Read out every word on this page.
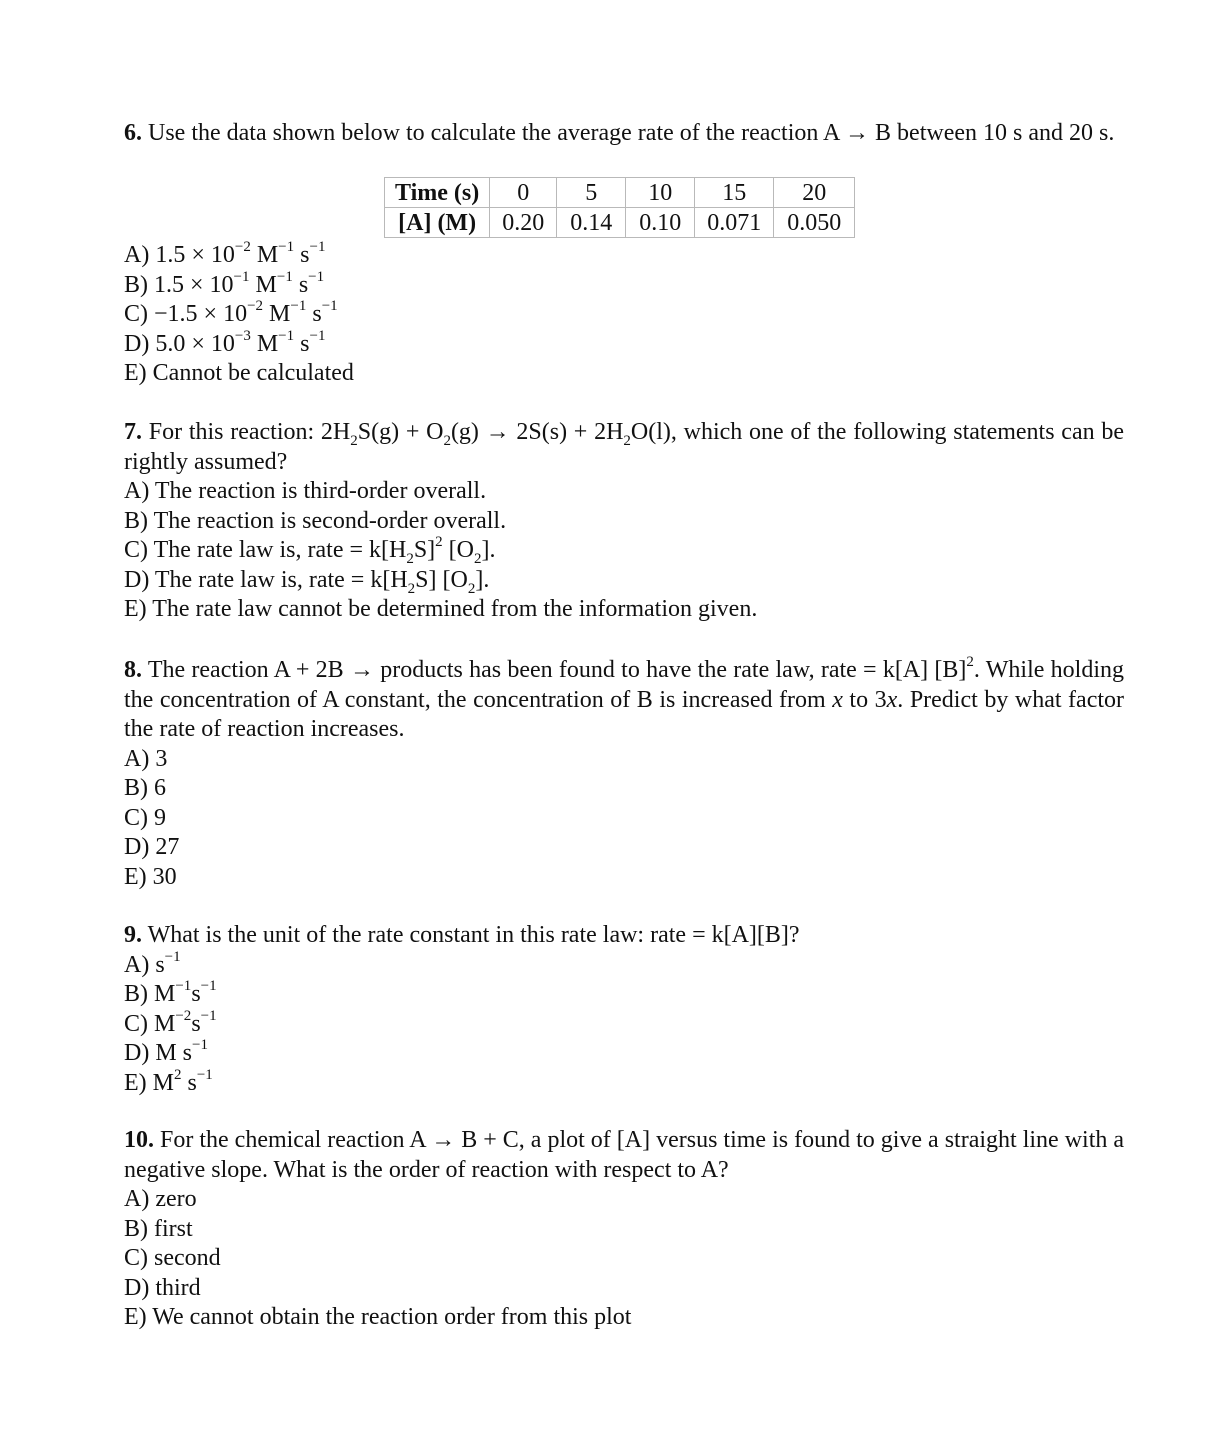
6. Use the data shown below to calculate the average rate of the reaction A → B between 10 s and 20 s.

Time (s)	0	5	10	15	20
[A] (M)	0.20	0.14	0.10	0.071	0.050
A) $1.5 \times 10^{-2}$ $M^{-1}$ $s^{-1}$
B) $1.5 \times 10^{-1}$ $M^{-1}$ $s^{-1}$
$C) -1.5 \times 10^{-2}$ $M^{-1}$ $s^{-1}$
D) $5.0 \times 10^{-3}$ $M^{-1}$ $s^{-1}$
E) Cannot be calculated

7. For this reaction: $2H_2S(g) + O_2(g) \to 2S(s) + 2H_2O(l)$, which one of the following statements can be rightly assumed?

A) The reaction is third-order overall.
B) The reaction is second-order overall.
C) The rate law is, rate = $k[H_2S]^2$ $[O_2]$.
D) The rate law is, rate = $k[H_2S]$ $[O_2]$.
E) The rate law cannot be determined from the information given.

8. The reaction A + 2B → products has been found to have the rate law, rate = k[A] $[B]^2$. While holding the concentration of A constant, the concentration of B is increased from x to 3x. Predict by what factor the rate of reaction increases.

A) 3
B) 6
C) 9
D) 27
E) 30

9. What is the unit of the rate constant in this rate law: rate = k[A][B]?

A) $s^{-1}$
B) $M^{-1}s^{-1}$
C) $M^{-2}s^{-1}$
D) M $s^{-1}$
E) $M^2$ $s^{-1}$

10. For the chemical reaction A → B + C, a plot of [A] versus time is found to give a straight line with a negative slope. What is the order of reaction with respect to A?

A) zero
B) first
C) second
D) third
E) We cannot obtain the reaction order from this plot
